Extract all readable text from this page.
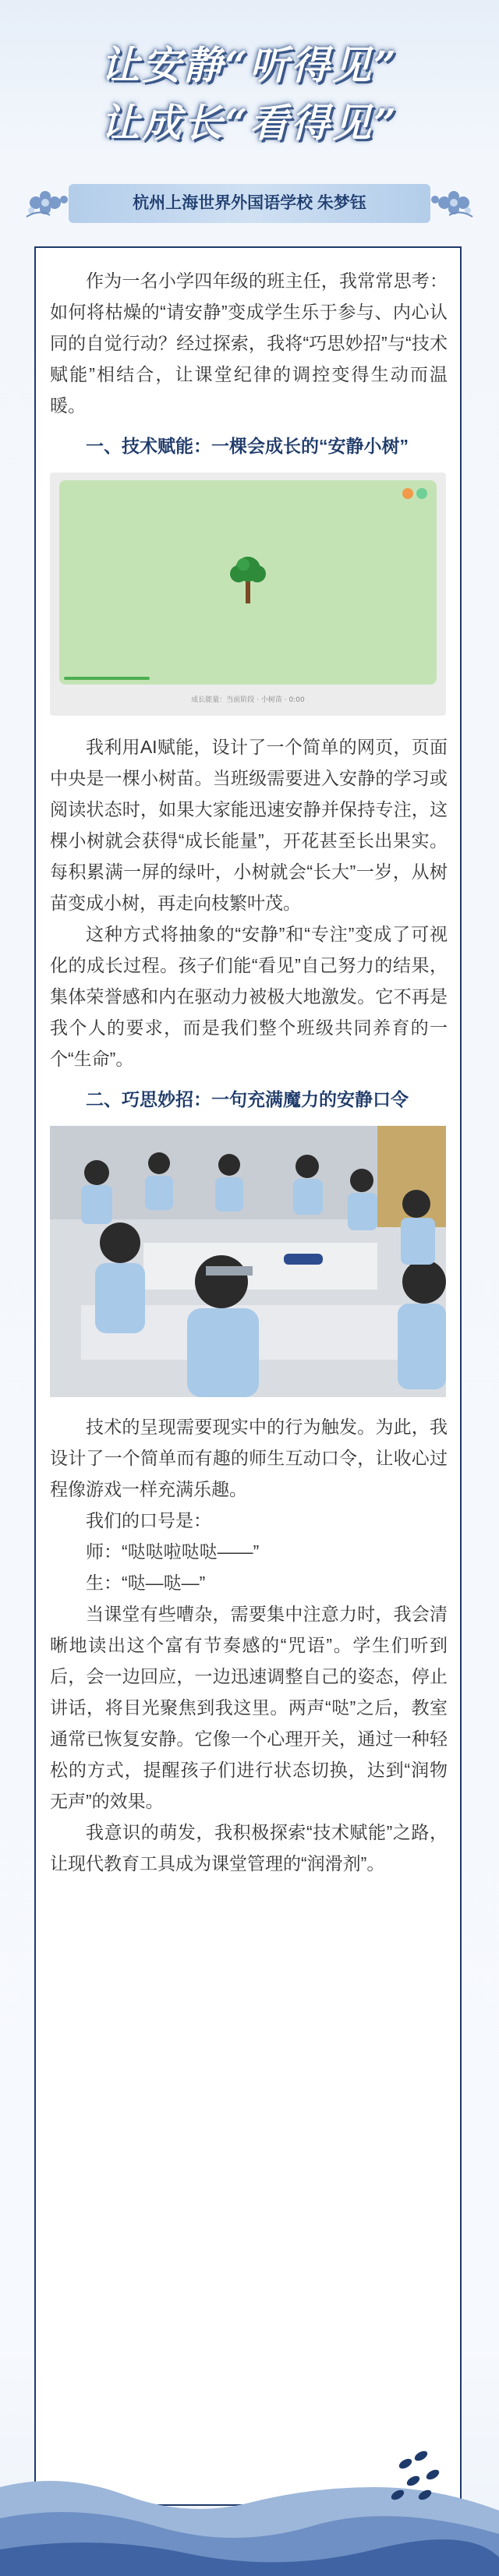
让安静“听得见”
让成长“看得见”
杭州上海世界外国语学校 朱梦钰

作为一名小学四年级的班主任，我常常思考：如何将枯燥的“请安静”变成学生乐于参与、内心认同的自觉行动？经过探索，我将“巧思妙招”与“技术赋能”相结合，让课堂纪律的调控变得生动而温暖。

一、技术赋能：一棵会成长的“安静小树”

成长能量：当前阶段 · 小树苗 · 0:00

我利用AI赋能，设计了一个简单的网页，页面中央是一棵小树苗。当班级需要进入安静的学习或阅读状态时，如果大家能迅速安静并保持专注，这棵小树就会获得“成长能量”，开花甚至长出果实。每积累满一屏的绿叶，小树就会“长大”一岁，从树苗变成小树，再走向枝繁叶茂。

这种方式将抽象的“安静”和“专注”变成了可视化的成长过程。孩子们能“看见”自己努力的结果，集体荣誉感和内在驱动力被极大地激发。它不再是我个人的要求，而是我们整个班级共同养育的一个“生命”。

二、巧思妙招：一句充满魔力的安静口令

技术的呈现需要现实中的行为触发。为此，我设计了一个简单而有趣的师生互动口令，让收心过程像游戏一样充满乐趣。

我们的口号是：

师：“哒哒啦哒哒——”

生：“哒—哒—”

当课堂有些嘈杂，需要集中注意力时，我会清晰地读出这个富有节奏感的“咒语”。学生们听到后，会一边回应，一边迅速调整自己的姿态，停止讲话，将目光聚焦到我这里。两声“哒”之后，教室通常已恢复安静。它像一个心理开关，通过一种轻松的方式，提醒孩子们进行状态切换，达到“润物无声”的效果。

我意识的萌发，我积极探索“技术赋能”之路，让现代教育工具成为课堂管理的“润滑剂”。
